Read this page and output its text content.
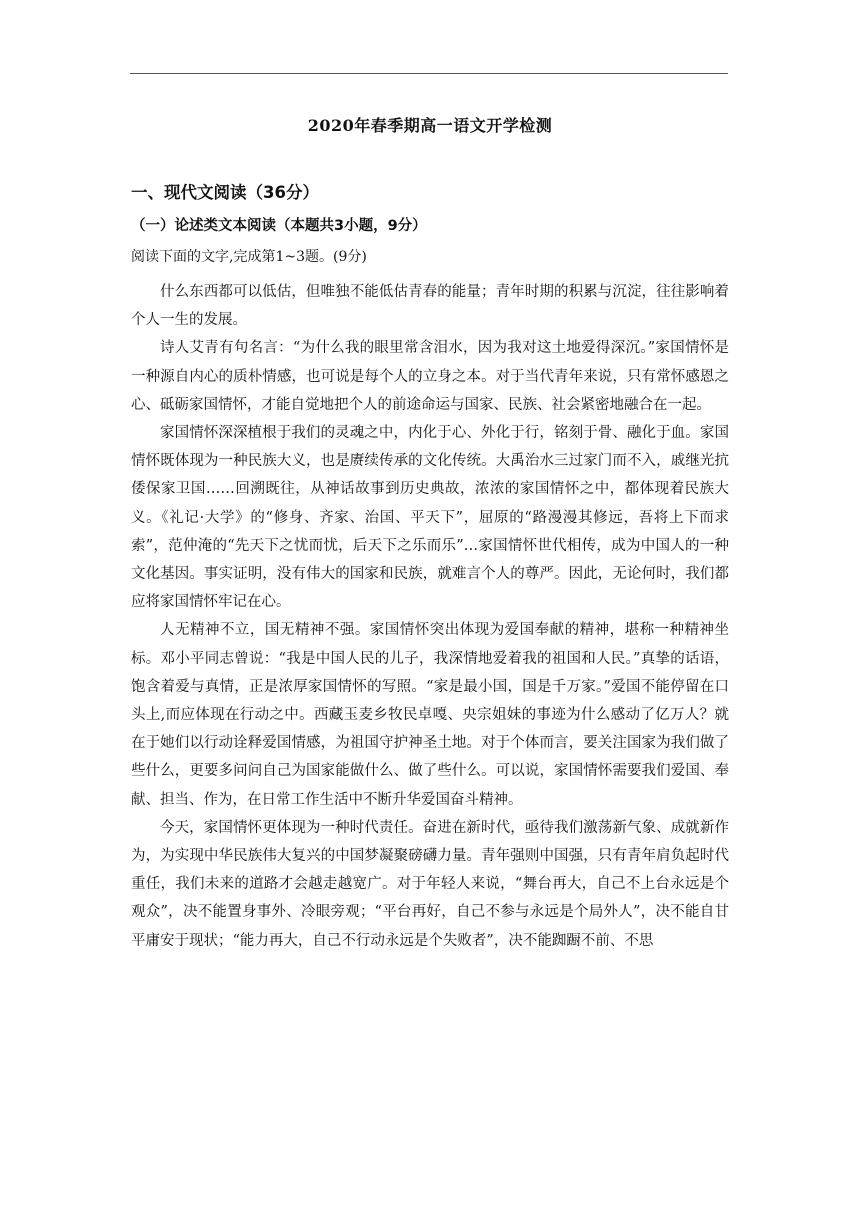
2020年春季期高一语文开学检测
一、现代文阅读（36分）
（一）论述类文本阅读（本题共3小题，9分）
阅读下面的文字,完成第1~3题。(9分)

什么东西都可以低估，但唯独不能低估青春的能量；青年时期的积累与沉淀，往往影响着个人一生的发展。

诗人艾青有句名言：“为什么我的眼里常含泪水，因为我对这土地爱得深沉。”家国情怀是一种源自内心的质朴情感，也可说是每个人的立身之本。对于当代青年来说，只有常怀感恩之心、砥砺家国情怀，才能自觉地把个人的前途命运与国家、民族、社会紧密地融合在一起。

家国情怀深深植根于我们的灵魂之中，内化于心、外化于行，铭刻于骨、融化于血。家国情怀既体现为一种民族大义，也是赓续传承的文化传统。大禹治水三过家门而不入，戚继光抗倭保家卫国……回溯既往，从神话故事到历史典故，浓浓的家国情怀之中，都体现着民族大义。《礼记·大学》的“修身、齐家、治国、平天下”，屈原的“路漫漫其修远，吾将上下而求索”，范仲淹的“先天下之忧而忧，后天下之乐而乐”…家国情怀世代相传，成为中国人的一种文化基因。事实证明，没有伟大的国家和民族，就难言个人的尊严。因此，无论何时，我们都应将家国情怀牢记在心。

人无精神不立，国无精神不强。家国情怀突出体现为爱国奉献的精神，堪称一种精神坐标。邓小平同志曾说：“我是中国人民的儿子，我深情地爱着我的祖国和人民。”真挚的话语，饱含着爱与真情，正是浓厚家国情怀的写照。“家是最小国，国是千万家。”爱国不能停留在口头上,而应体现在行动之中。西藏玉麦乡牧民卓嘎、央宗姐妹的事迹为什么感动了亿万人？就在于她们以行动诠释爱国情感，为祖国守护神圣土地。对于个体而言，要关注国家为我们做了些什么，更要多问问自己为国家能做什么、做了些什么。可以说，家国情怀需要我们爱国、奉献、担当、作为，在日常工作生活中不断升华爱国奋斗精神。

今天，家国情怀更体现为一种时代责任。奋进在新时代，亟待我们激荡新气象、成就新作为，为实现中华民族伟大复兴的中国梦凝聚磅礴力量。青年强则中国强，只有青年肩负起时代重任，我们未来的道路才会越走越宽广。对于年轻人来说，“舞台再大，自己不上台永远是个观众”，决不能置身事外、冷眼旁观；“平台再好，自己不参与永远是个局外人”，决不能自甘平庸安于现状；“能力再大，自己不行动永远是个失败者”，决不能踟蹰不前、不思
